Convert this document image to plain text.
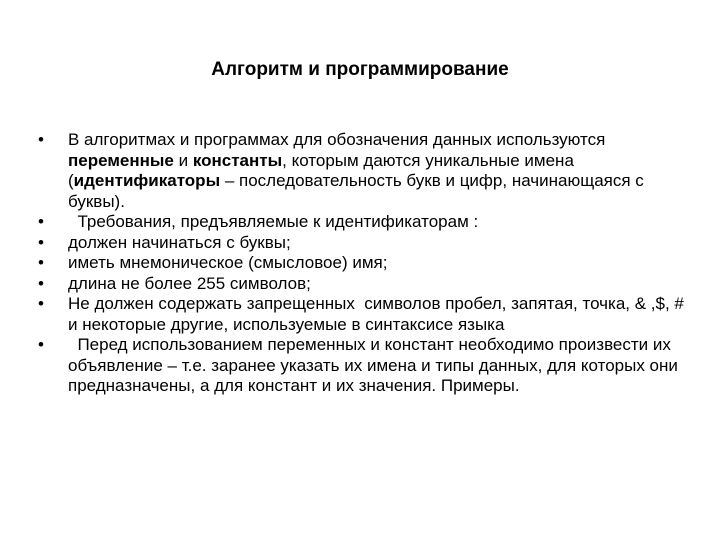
Алгоритм и программирование
•	В алгоритмах и программах для обозначения данных используются переменные и константы, которым даются уникальные имена (идентификаторы – последовательность букв и цифр, начинающаяся с буквы).
•	Требования, предъявляемые к идентификаторам :
•	должен начинаться с буквы;
•	иметь мнемоническое (смысловое) имя;
•	длина не более 255 символов;
•	Не должен содержать запрещенных  символов пробел, запятая, точка, & ,$, # и некоторые другие, используемые в синтаксисе языка
•	Перед использованием переменных и констант необходимо произвести их объявление – т.е. заранее указать их имена и типы данных, для которых они предназначены, а для констант и их значения. Примеры.
